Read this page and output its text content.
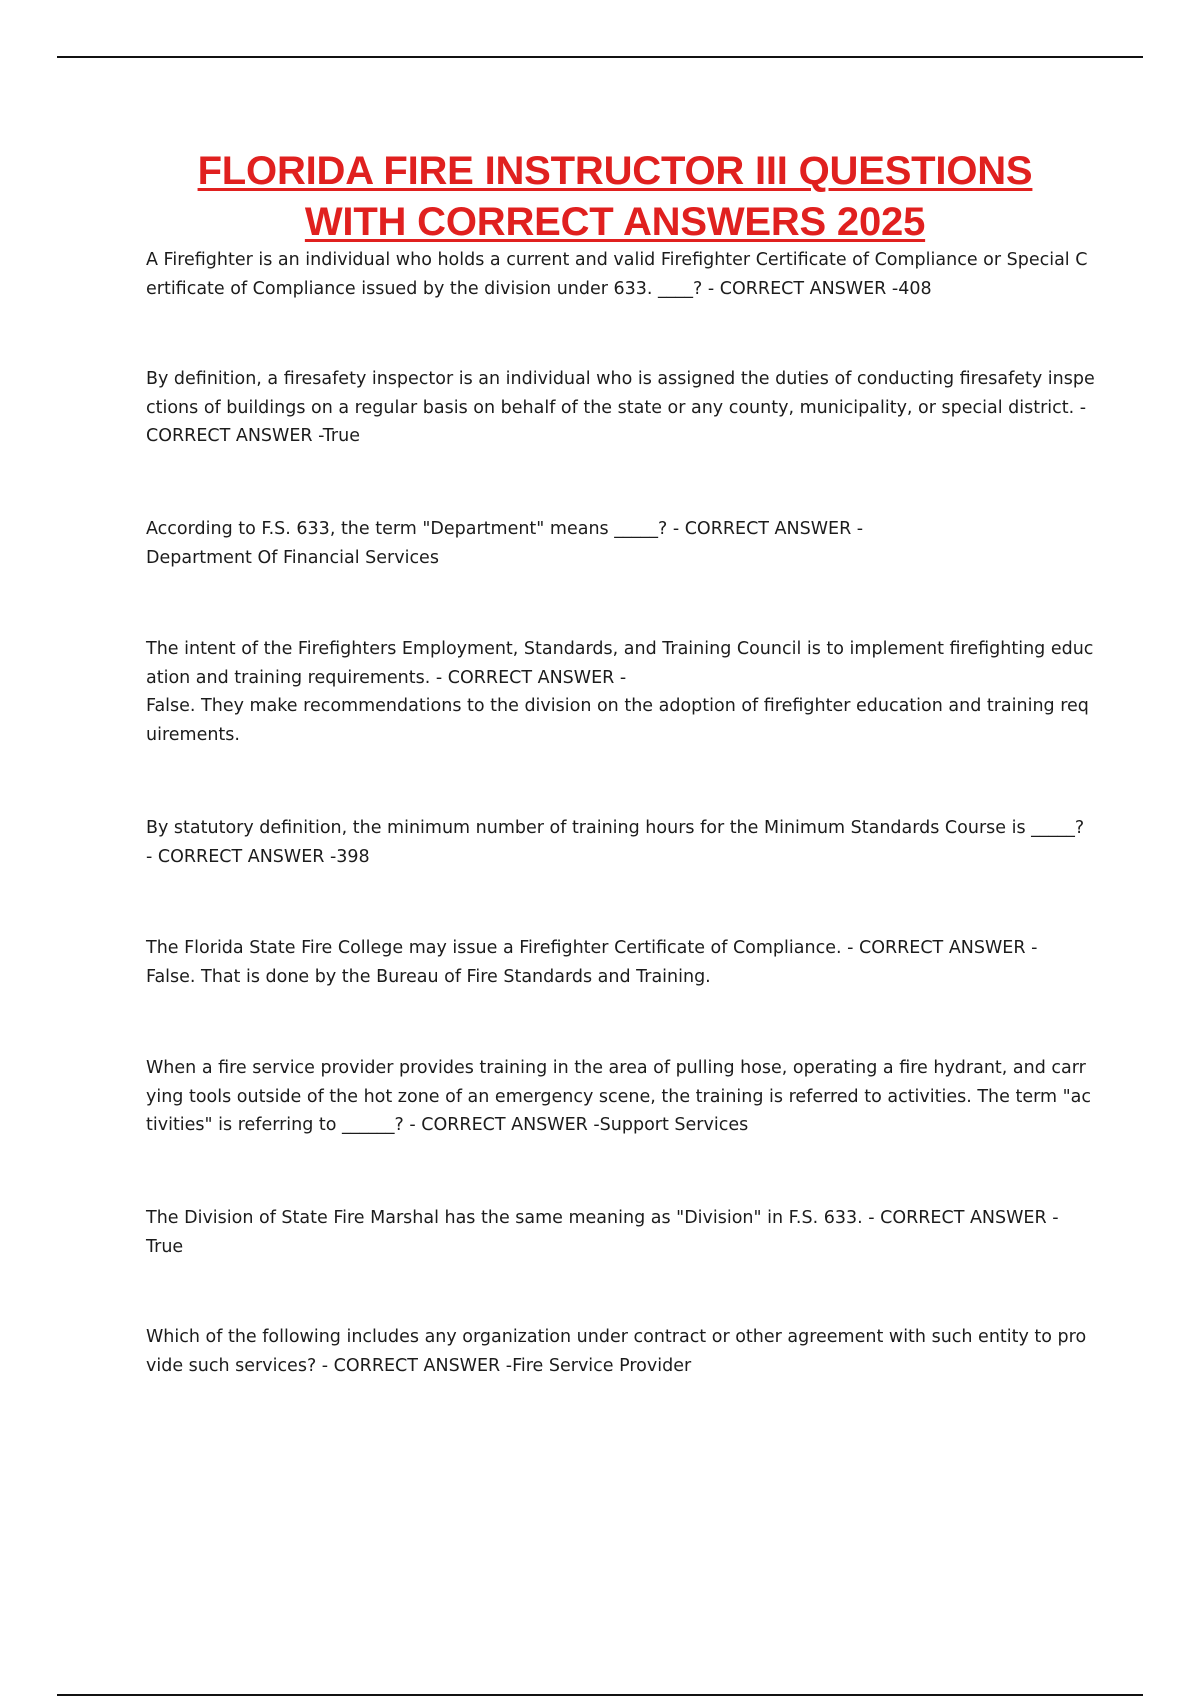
FLORIDA FIRE INSTRUCTOR III QUESTIONS
WITH CORRECT ANSWERS 2025

A Firefighter is an individual who holds a current and valid Firefighter Certificate of Compliance or Special Certificate of Compliance issued by the division under 633. ____? - CORRECT ANSWER -408

By definition, a firesafety inspector is an individual who is assigned the duties of conducting firesafety inspections of buildings on a regular basis on behalf of the state or any county, municipality, or special district. - CORRECT ANSWER -True

According to F.S. 633, the term "Department" means _____? - CORRECT ANSWER -
Department Of Financial Services

The intent of the Firefighters Employment, Standards, and Training Council is to implement firefighting education and training requirements. - CORRECT ANSWER -
False. They make recommendations to the division on the adoption of firefighter education and training requirements.

By statutory definition, the minimum number of training hours for the Minimum Standards Course is _____? - CORRECT ANSWER -398

The Florida State Fire College may issue a Firefighter Certificate of Compliance. - CORRECT ANSWER -
False. That is done by the Bureau of Fire Standards and Training.

When a fire service provider provides training in the area of pulling hose, operating a fire hydrant, and carrying tools outside of the hot zone of an emergency scene, the training is referred to activities. The term "activities" is referring to ______? - CORRECT ANSWER -Support Services

The Division of State Fire Marshal has the same meaning as "Division" in F.S. 633. - CORRECT ANSWER -
True

Which of the following includes any organization under contract or other agreement with such entity to provide such services? - CORRECT ANSWER -Fire Service Provider
